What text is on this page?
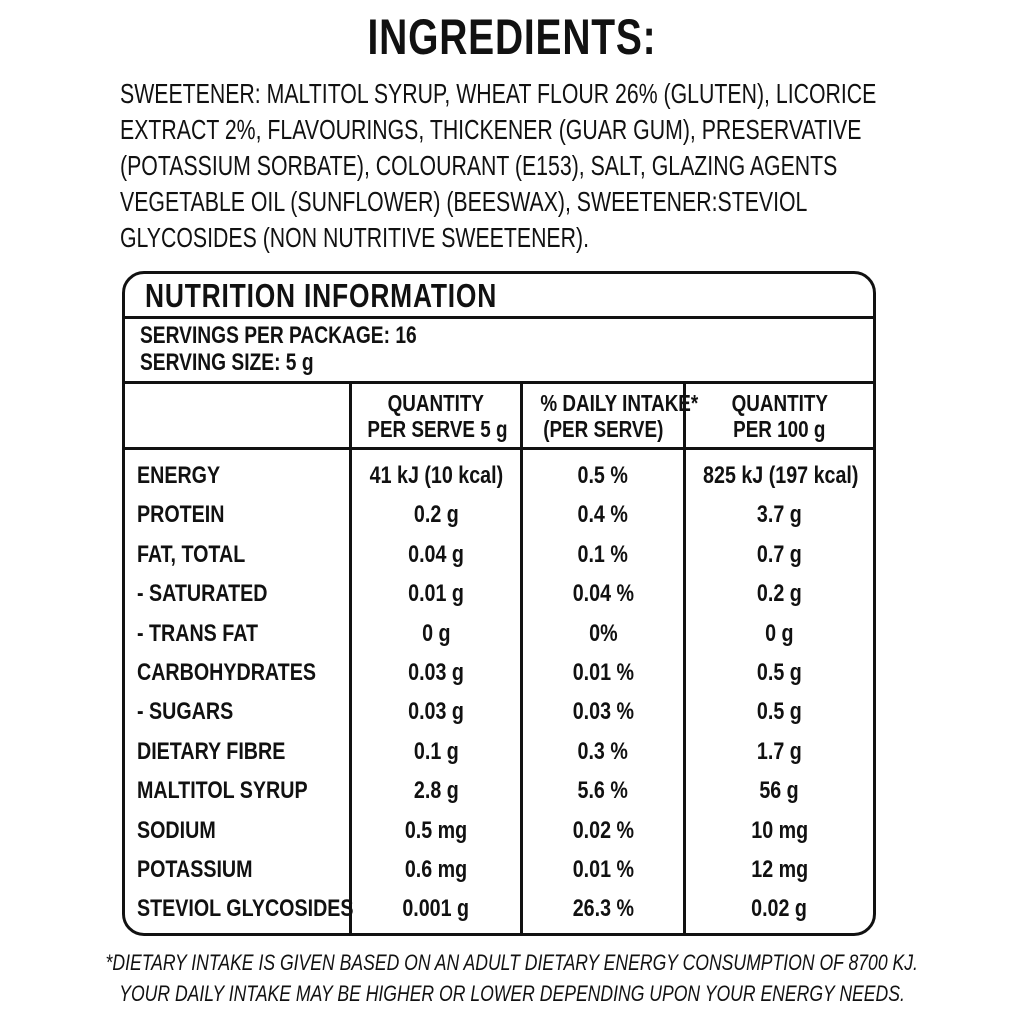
INGREDIENTS:
SWEETENER: MALTITOL SYRUP, WHEAT FLOUR 26% (GLUTEN), LICORICE
EXTRACT 2%, FLAVOURINGS, THICKENER (GUAR GUM), PRESERVATIVE
(POTASSIUM SORBATE), COLOURANT (E153), SALT, GLAZING AGENTS
VEGETABLE OIL (SUNFLOWER) (BEESWAX), SWEETENER:STEVIOL
GLYCOSIDES (NON NUTRITIVE SWEETENER).
NUTRITION INFORMATION
SERVINGS PER PACKAGE: 16
SERVING SIZE: 5 g
QUANTITY
PER SERVE 5 g
% DAILY INTAKE*
(PER SERVE)
QUANTITY
PER 100 g
ENERGY	41 kJ (10 kcal)	0.5 %	825 kJ (197 kcal)
PROTEIN	0.2 g	0.4 %	3.7 g
FAT, TOTAL	0.04 g	0.1 %	0.7 g
- SATURATED	0.01 g	0.04 %	0.2 g
- TRANS FAT	0 g	0%	0 g
CARBOHYDRATES	0.03 g	0.01 %	0.5 g
- SUGARS	0.03 g	0.03 %	0.5 g
DIETARY FIBRE	0.1 g	0.3 %	1.7 g
MALTITOL SYRUP	2.8 g	5.6 %	56 g
SODIUM	0.5 mg	0.02 %	10 mg
POTASSIUM	0.6 mg	0.01 %	12 mg
STEVIOL GLYCOSIDES	0.001 g	26.3 %	0.02 g
*DIETARY INTAKE IS GIVEN BASED ON AN ADULT DIETARY ENERGY CONSUMPTION OF 8700 KJ.
YOUR DAILY INTAKE MAY BE HIGHER OR LOWER DEPENDING UPON YOUR ENERGY NEEDS.
